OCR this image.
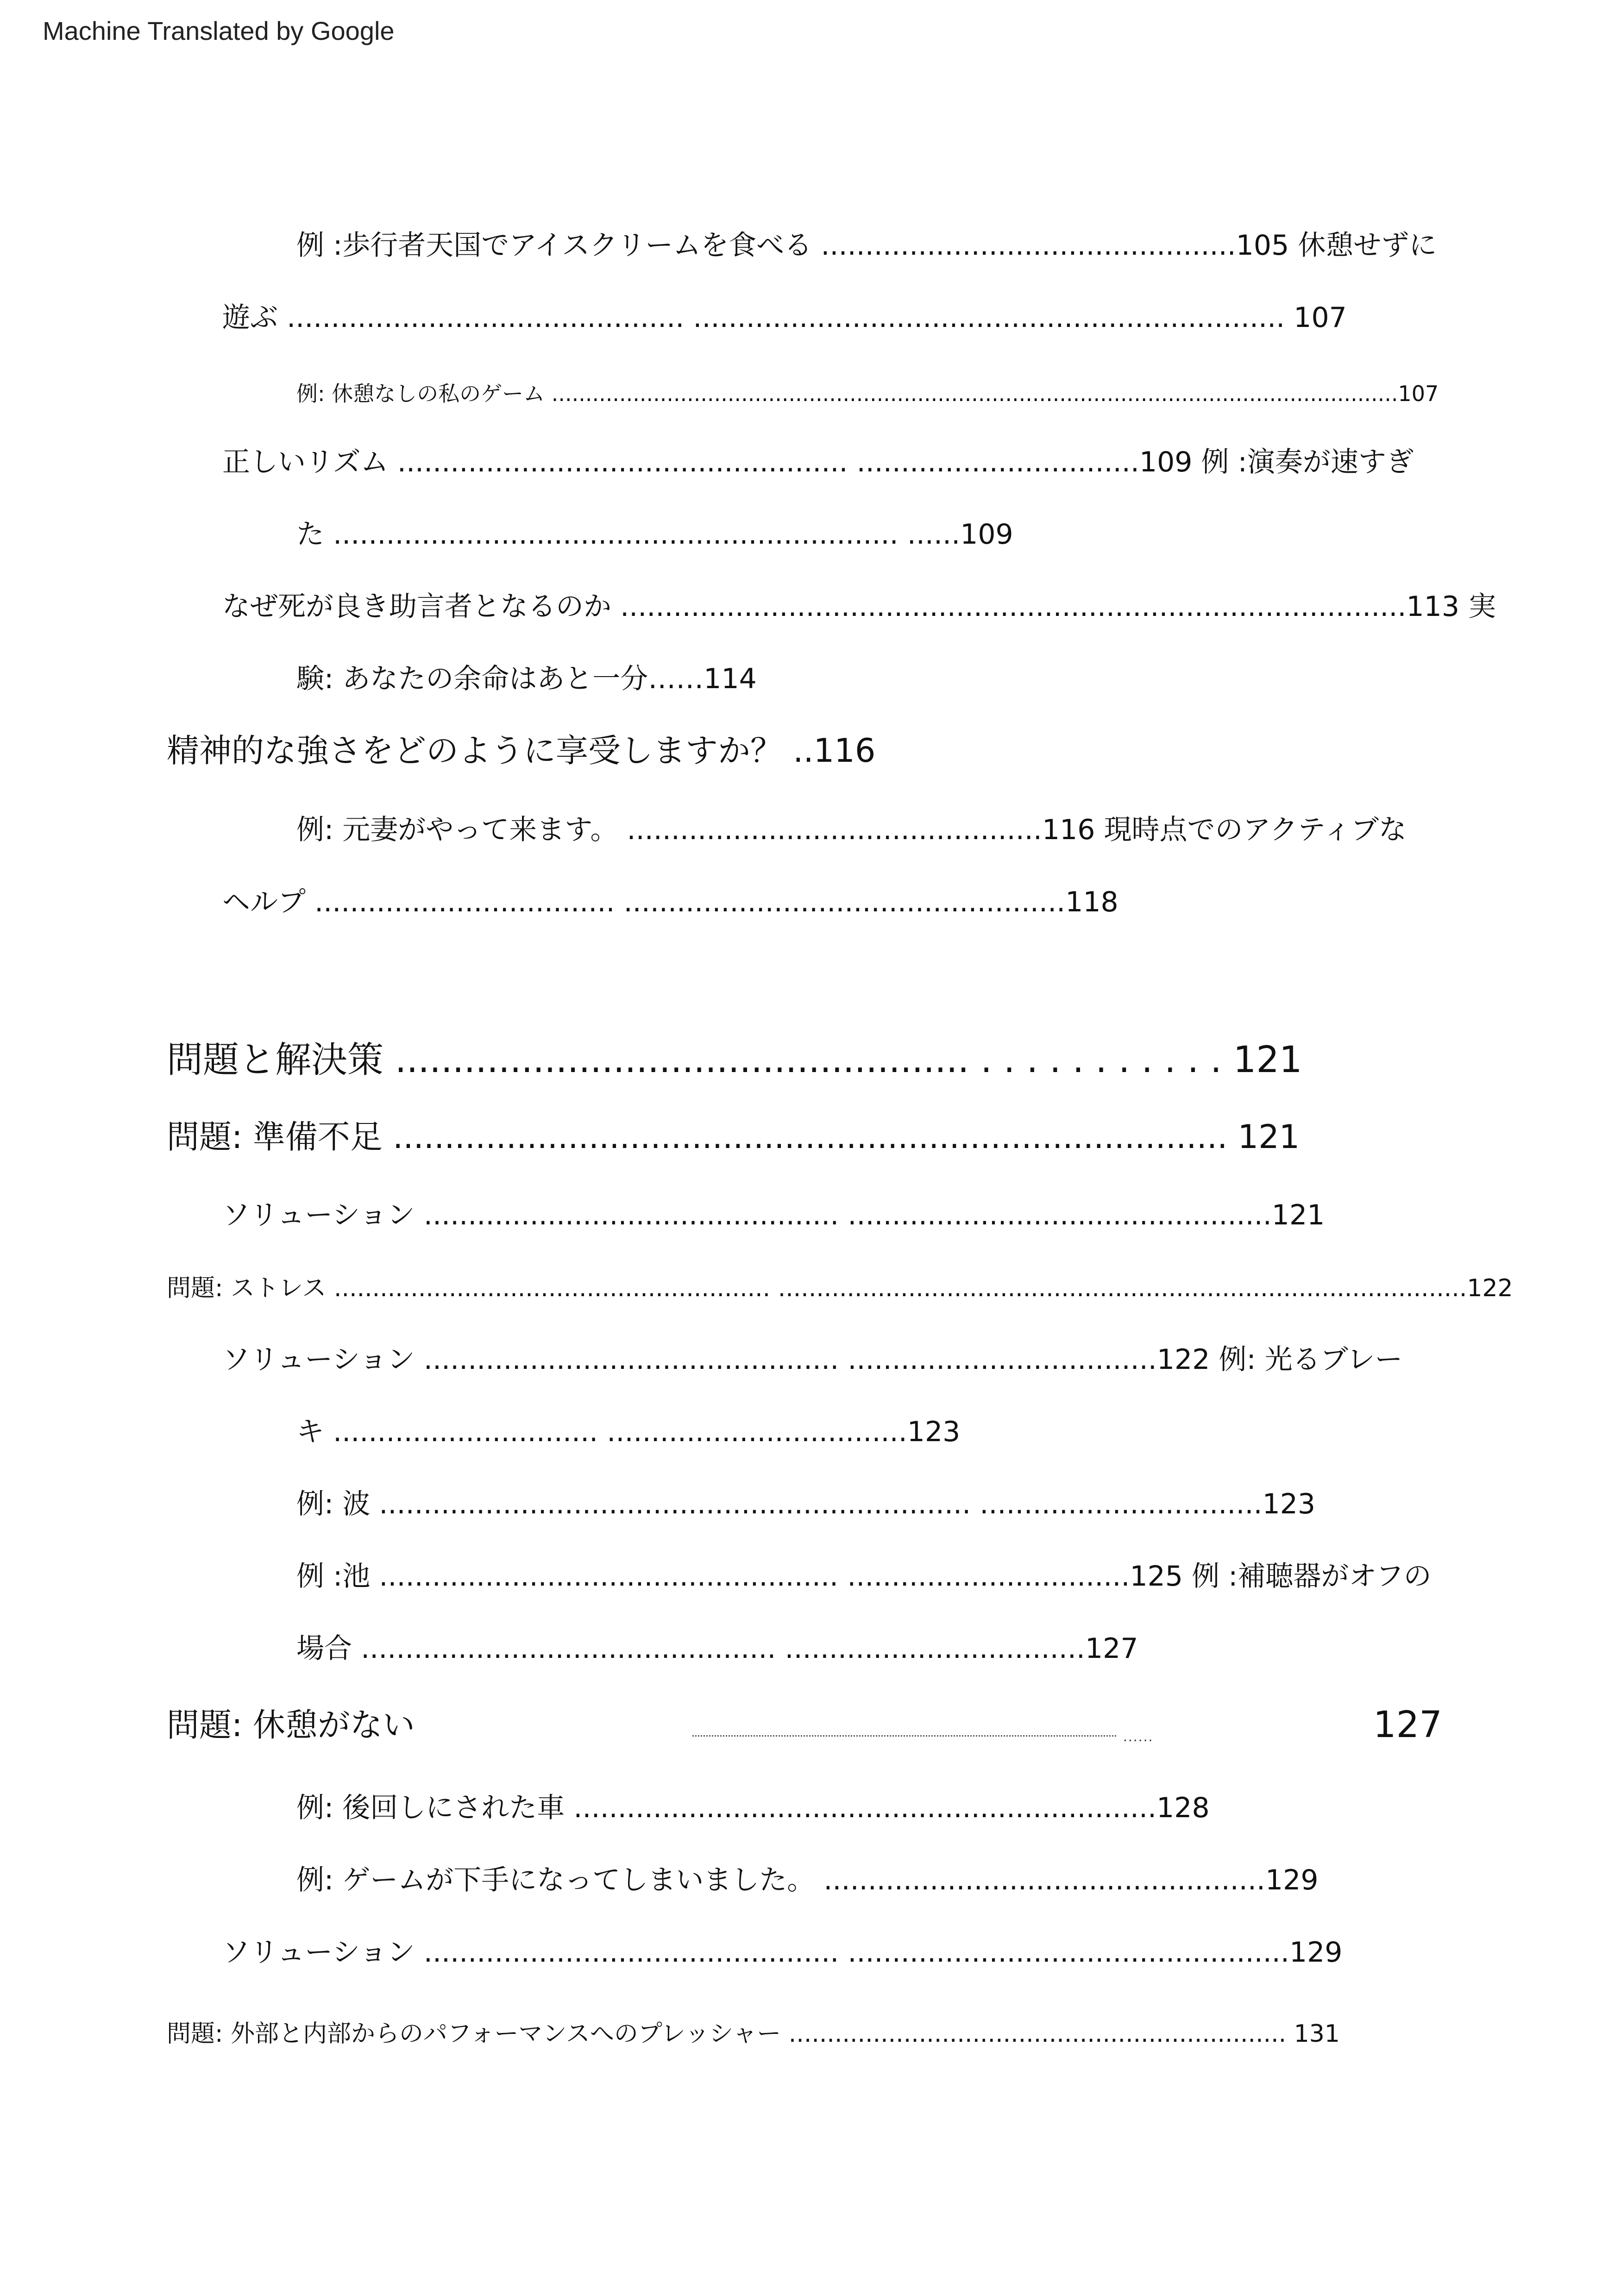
Machine Translated by Google
例 :歩行者天国でアイスクリームを食べる ...............................................105 休憩せずに
遊ぶ ............................................. ................................................................... 107
例: 休憩なしの私のゲーム .............................................................................................................................107
正しいリズム ................................................... ................................109 例 :演奏が速すぎ
た ................................................................ ......109
なぜ死が良き助言者となるのか .........................................................................................113 実
験: あなたの余命はあと一分……114
精神的な強さをどのように享受しますか？ ..116
例: 元妻がやって来ます。 ...............................................116 現時点でのアクティブな
ヘルプ .................................. ..................................................118
問題と解決策 .................................................. . . . . . . . . . . . 121
問題: 準備不足 ................................................................................. 121
ソリューション ............................................... ................................................121
問題: ストレス ......................................................... ..........................................................................................122
ソリューション ............................................... ...................................122 例: 光るブレー
キ .............................. ..................................123
例: 波 ................................................................... ................................123
例 :池 .................................................... ................................125 例 :補聴器がオフの
場合 ............................................... ..................................127
問題: 休憩がない	......	127
例: 後回しにされた車 ..................................................................128
例: ゲームが下手になってしまいました。 ..................................................129
ソリューション ............................................... ..................................................129
問題: 外部と内部からのパフォーマンスへのプレッシャー ................................................................. 131
